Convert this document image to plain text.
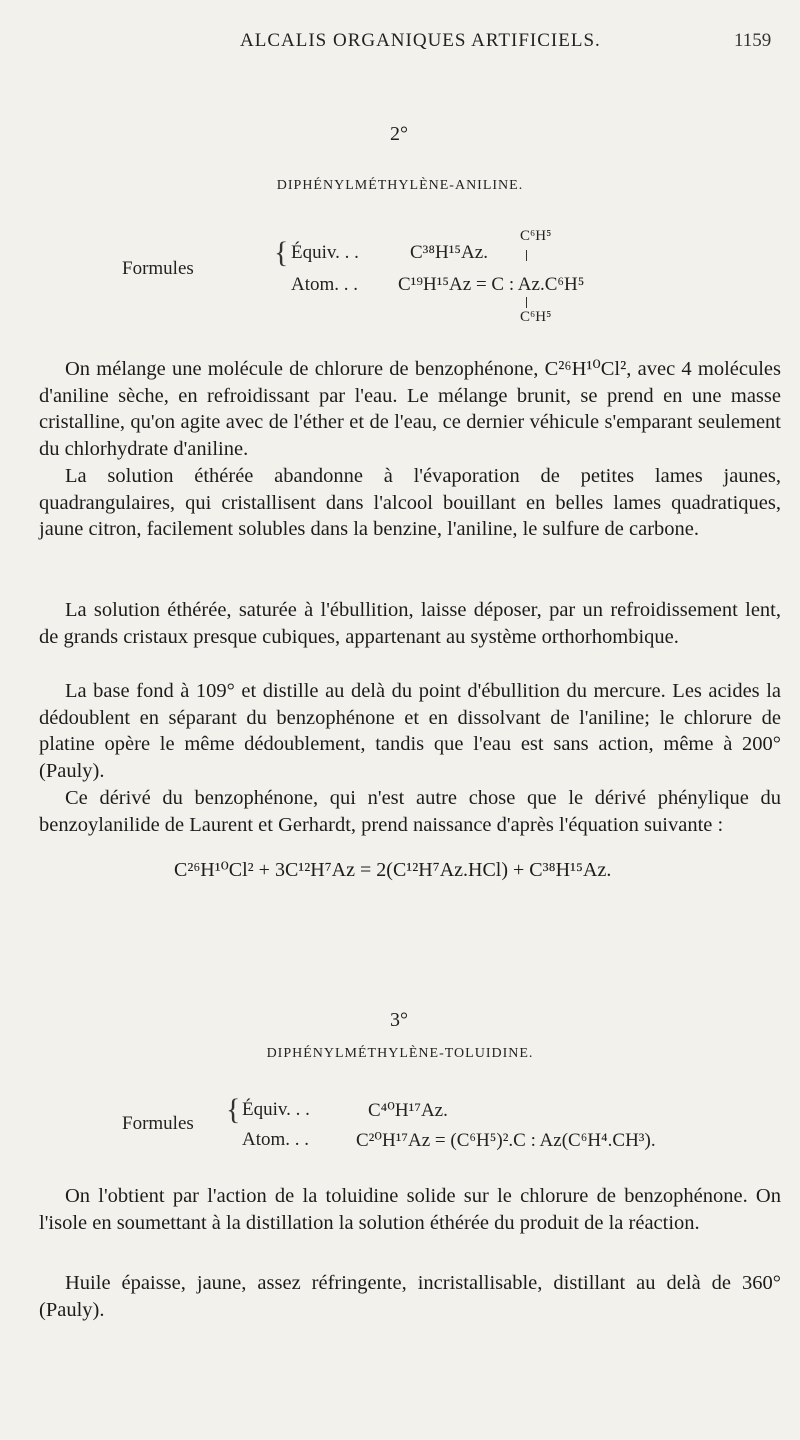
ALCALIS ORGANIQUES ARTIFICIELS.	1159
2°
DIPHÉNYLMÉTHYLÈNE-ANILINE.
Formules	{	C⁶H⁵
Équiv. . .	C³⁸H¹⁵Az.
Atom. . . C¹⁹H¹⁵Az = C : Az.C⁶H⁵
C⁶H⁵

On mélange une molécule de chlorure de benzophénone, C²⁶H¹⁰Cl², avec 4 molécules d'aniline sèche, en refroidissant par l'eau. Le mélange brunit, se prend en une masse cristalline, qu'on agite avec de l'éther et de l'eau, ce dernier véhicule s'emparant seulement du chlorhydrate d'aniline.

La solution éthérée abandonne à l'évaporation de petites lames jaunes, quadrangulaires, qui cristallisent dans l'alcool bouillant en belles lames quadratiques, jaune citron, facilement solubles dans la benzine, l'aniline, le sulfure de carbone.

La solution éthérée, saturée à l'ébullition, laisse déposer, par un refroidissement lent, de grands cristaux presque cubiques, appartenant au système orthorhombique.

La base fond à 109° et distille au delà du point d'ébullition du mercure. Les acides la dédoublent en séparant du benzophénone et en dissolvant de l'aniline; le chlorure de platine opère le même dédoublement, tandis que l'eau est sans action, même à 200° (Pauly).

Ce dérivé du benzophénone, qui n'est autre chose que le dérivé phénylique du benzoylanilide de Laurent et Gerhardt, prend naissance d'après l'équation suivante :

C²⁶H¹⁰Cl² + 3C¹²H⁷Az = 2(C¹²H⁷Az.HCl) + C³⁸H¹⁵Az.
3°
DIPHÉNYLMÉTHYLÈNE-TOLUIDINE.
Formules { Équiv. . .	C⁴⁰H¹⁷Az.
Atom. . . C²⁰H¹⁷Az = (C⁶H⁵)².C : Az(C⁶H⁴.CH³).

On l'obtient par l'action de la toluidine solide sur le chlorure de benzophénone. On l'isole en soumettant à la distillation la solution éthérée du produit de la réaction.

Huile épaisse, jaune, assez réfringente, incristallisable, distillant au delà de 360° (Pauly).
